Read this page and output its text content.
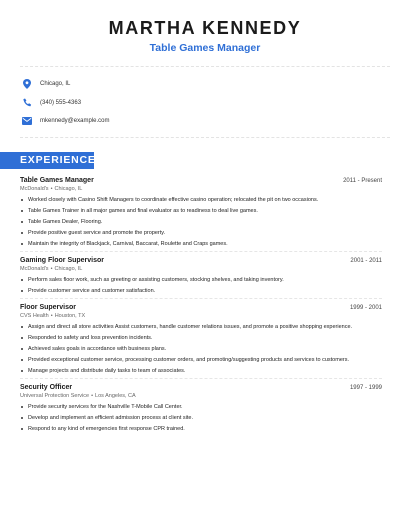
MARTHA KENNEDY
Table Games Manager
Chicago, IL
(340) 555-4363
mkennedy@example.com
EXPERIENCE
Table Games Manager	2011 - Present
McDonald's • Chicago, IL
Worked closely with Casino Shift Managers to coordinate effective casino operation; relocated the pit on two occasions.
Table Games Trainer in all major games and final evaluator as to readiness to deal live games.
Table Games Dealer, Flooring.
Provide positive guest service and promote the property.
Maintain the integrity of Blackjack, Carnival, Baccarat, Roulette and Craps games.
Gaming Floor Supervisor	2001 - 2011
McDonald's • Chicago, IL
Perform sales floor work, such as greeting or assisting customers, stocking shelves, and taking inventory.
Provide customer service and customer satisfaction.
Floor Supervisor	1999 - 2001
CVS Health • Houston, TX
Assign and direct all store activities Assist customers, handle customer relations issues, and promote a positive shopping experience.
Responded to safety and loss prevention incidents.
Achieved sales goals in accordance with business plans.
Provided exceptional customer service, processing customer orders, and promoting/suggesting products and services to customers.
Manage projects and distribute daily tasks to team of associates.
Security Officer	1997 - 1999
Universal Protection Service • Los Angeles, CA
Provide security services for the Nashville T-Mobile Call Center.
Develop and implement an efficient admission process at client site.
Respond to any kind of emergencies first response CPR trained.
